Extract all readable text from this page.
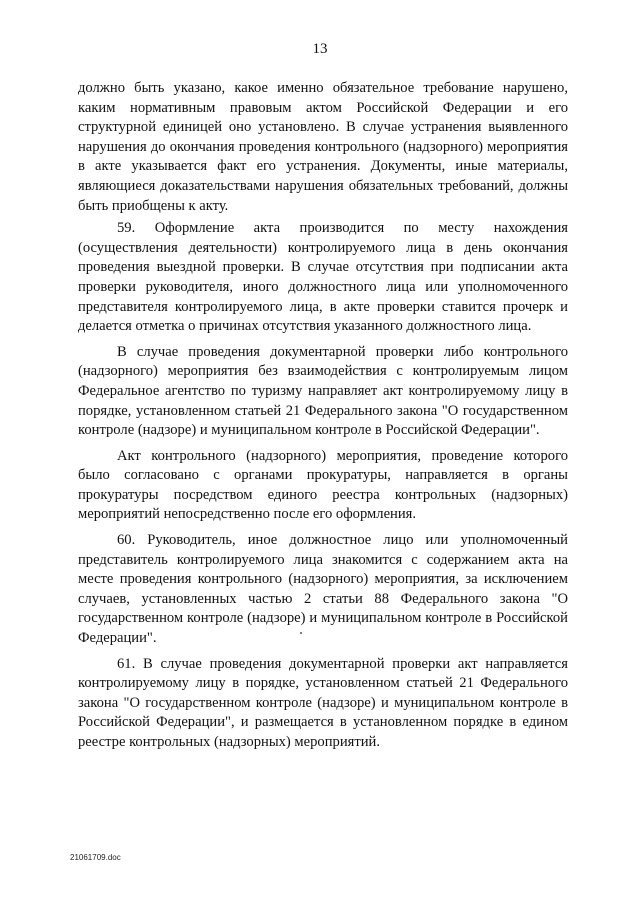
13

должно быть указано, какое именно обязательное требование нарушено, каким нормативным правовым актом Российской Федерации и его структурной единицей оно установлено. В случае устранения выявленного нарушения до окончания проведения контрольного (надзорного) мероприятия в акте указывается факт его устранения. Документы, иные материалы, являющиеся доказательствами нарушения обязательных требований, должны быть приобщены к акту.

59. Оформление акта производится по месту нахождения (осуществления деятельности) контролируемого лица в день окончания проведения выездной проверки. В случае отсутствия при подписании акта проверки руководителя, иного должностного лица или уполномоченного представителя контролируемого лица, в акте проверки ставится прочерк и делается отметка о причинах отсутствия указанного должностного лица.

В случае проведения документарной проверки либо контрольного (надзорного) мероприятия без взаимодействия с контролируемым лицом Федеральное агентство по туризму направляет акт контролируемому лицу в порядке, установленном статьей 21 Федерального закона "О государственном контроле (надзоре) и муниципальном контроле в Российской Федерации".

Акт контрольного (надзорного) мероприятия, проведение которого было согласовано с органами прокуратуры, направляется в органы прокуратуры посредством единого реестра контрольных (надзорных) мероприятий непосредственно после его оформления.

60. Руководитель, иное должностное лицо или уполномоченный представитель контролируемого лица знакомится с содержанием акта на месте проведения контрольного (надзорного) мероприятия, за исключением случаев, установленных частью 2 статьи 88 Федерального закона "О государственном контроле (надзоре) и муниципальном контроле в Российской Федерации".

61. В случае проведения документарной проверки акт направляется контролируемому лицу в порядке, установленном статьей 21 Федерального закона "О государственном контроле (надзоре) и муниципальном контроле в Российской Федерации", и размещается в установленном порядке в едином реестре контрольных (надзорных) мероприятий.

21061709.doc
